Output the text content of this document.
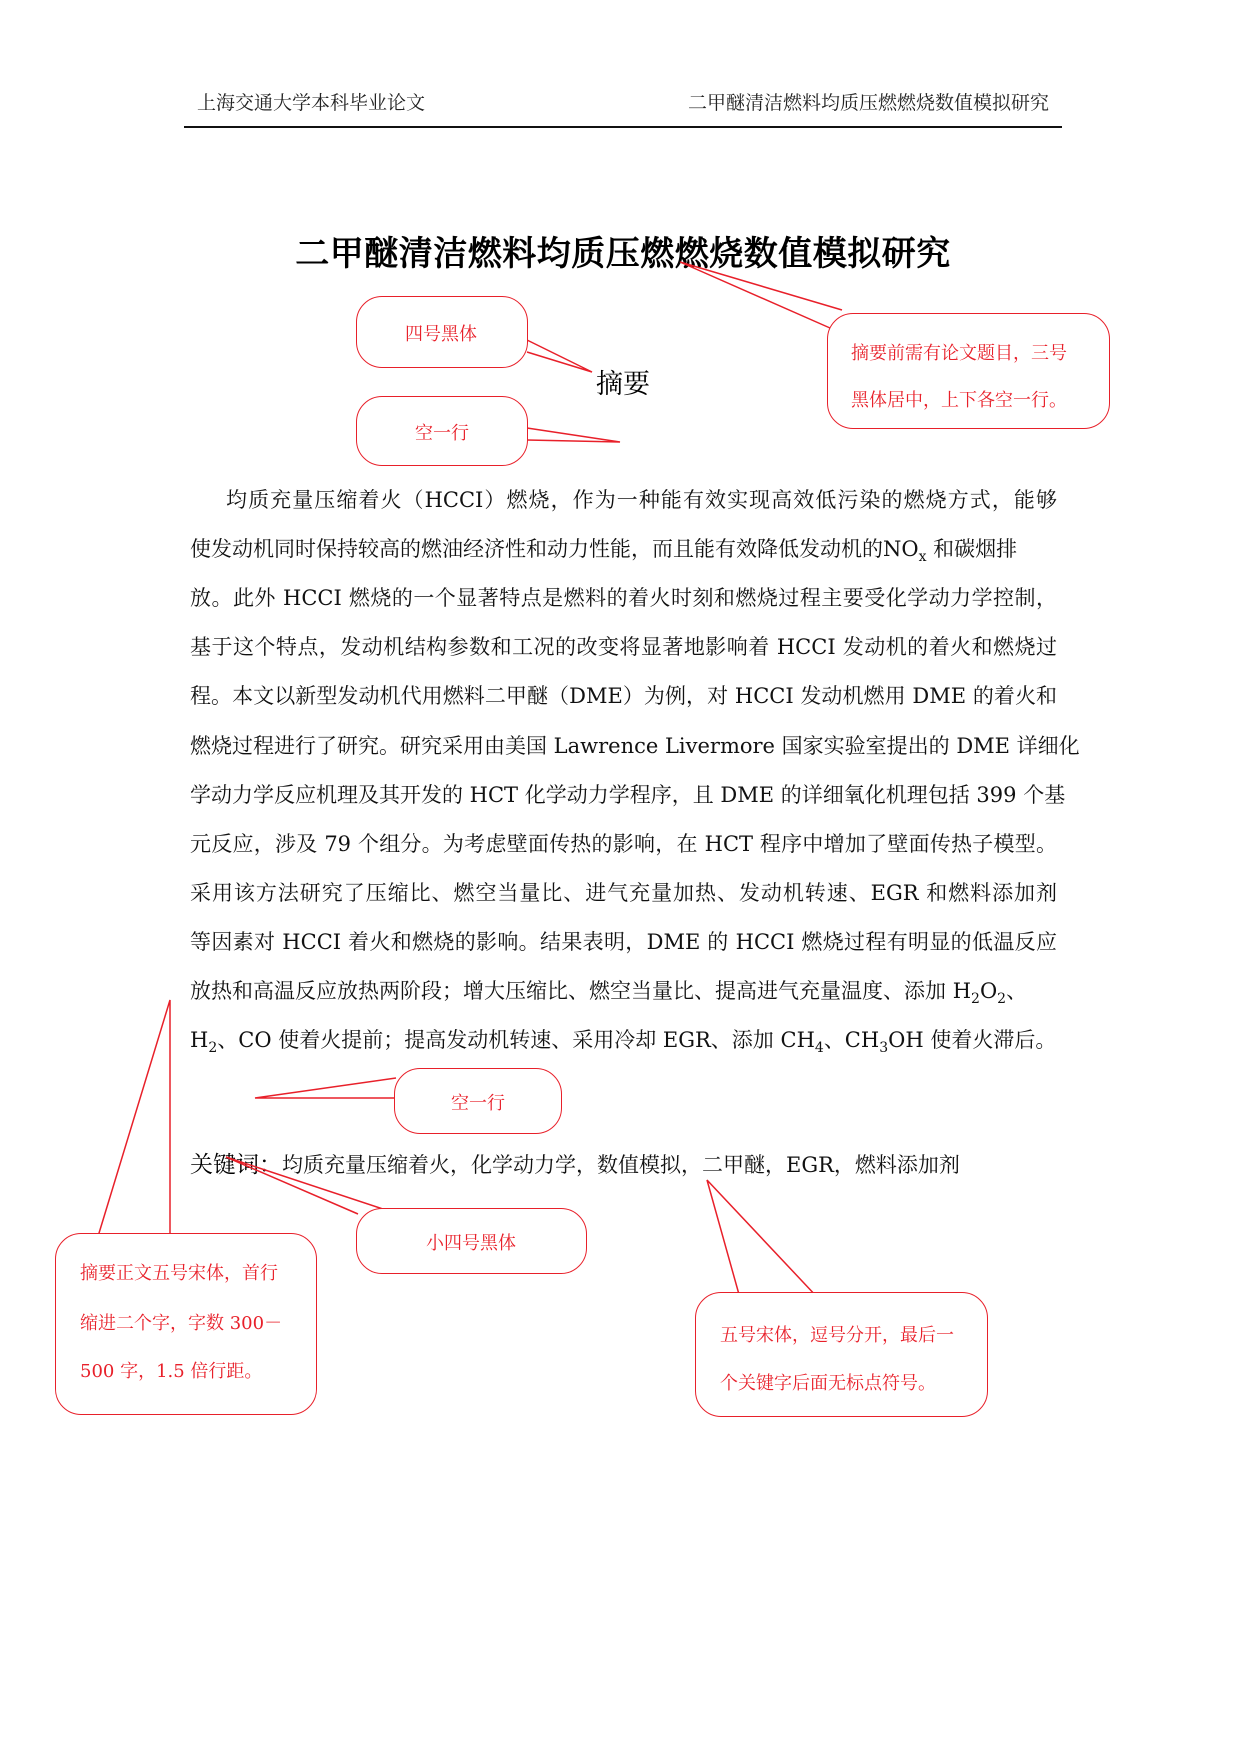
上海交通大学本科毕业论文	二甲醚清洁燃料均质压燃燃烧数值模拟研究
二甲醚清洁燃料均质压燃燃烧数值模拟研究
摘要
均质充量压缩着火（HCCI）燃烧，作为一种能有效实现高效低污染的燃烧方式，能够
使发动机同时保持较高的燃油经济性和动力性能，而且能有效降低发动机的$NO_x$ 和碳烟排
放。此外 HCCI 燃烧的一个显著特点是燃料的着火时刻和燃烧过程主要受化学动力学控制，
基于这个特点，发动机结构参数和工况的改变将显著地影响着 HCCI 发动机的着火和燃烧过
程。本文以新型发动机代用燃料二甲醚（DME）为例，对 HCCI 发动机燃用 DME 的着火和
燃烧过程进行了研究。研究采用由美国 Lawrence Livermore 国家实验室提出的 DME 详细化
学动力学反应机理及其开发的 HCT 化学动力学程序，且 DME 的详细氧化机理包括 399 个基
元反应，涉及 79 个组分。为考虑壁面传热的影响，在 HCT 程序中增加了壁面传热子模型。
采用该方法研究了压缩比、燃空当量比、进气充量加热、发动机转速、EGR 和燃料添加剂
等因素对 HCCI 着火和燃烧的影响。结果表明，DME 的 HCCI 燃烧过程有明显的低温反应
放热和高温反应放热两阶段；增大压缩比、燃空当量比、提高进气充量温度、添加 $H_2O_2$、
$H_2$、CO 使着火提前；提高发动机转速、采用冷却 EGR、添加 $CH_4$、$CH_3OH$ 使着火滞后。
关键词：均质充量压缩着火，化学动力学，数值模拟，二甲醚，EGR，燃料添加剂
摘要前需有论文题目，三号
黑体居中，上下各空一行。
四号黑体
空一行
空一行
小四号黑体
摘要正文五号宋体，首行
缩进二个字，字数 300－
500 字，1.5 倍行距。
五号宋体，逗号分开，最后一
个关键字后面无标点符号。
